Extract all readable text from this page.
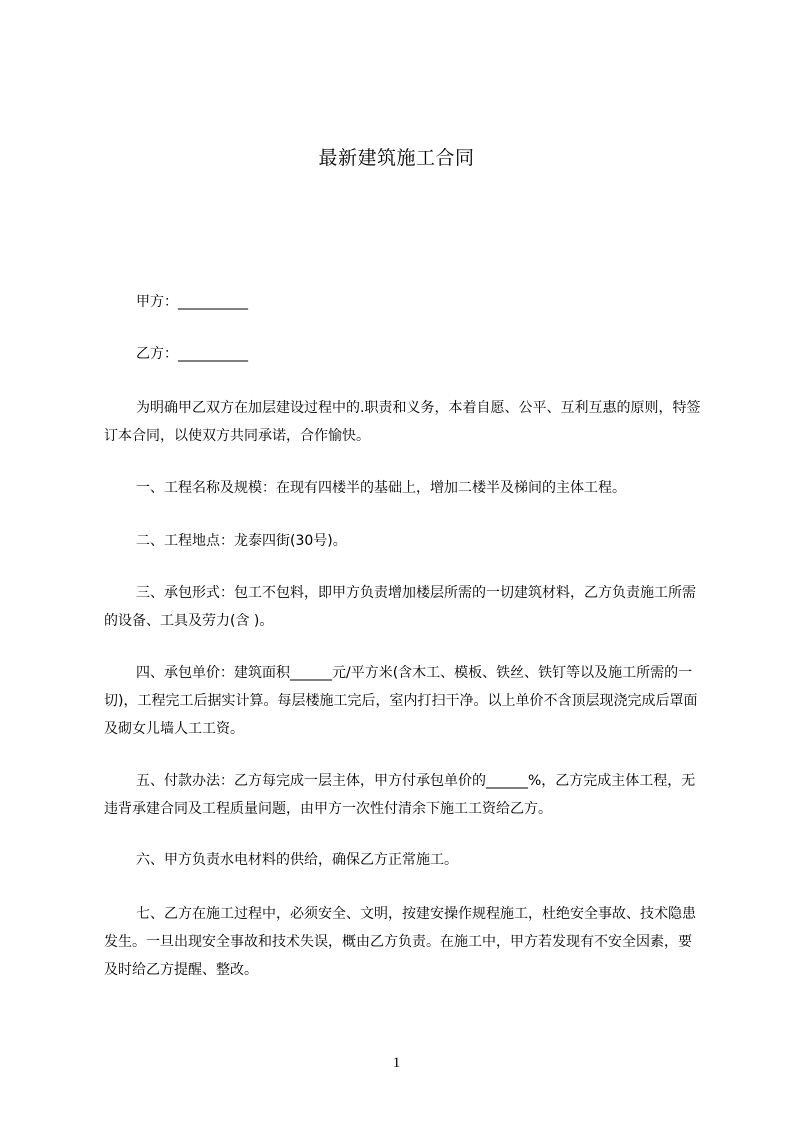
最新建筑施工合同
甲方：__________
乙方：__________
为明确甲乙双方在加层建设过程中的.职责和义务，本着自愿、公平、互利互惠的原则，特签订本合同，以使双方共同承诺，合作愉快。
一、工程名称及规模：在现有四楼半的基础上，增加二楼半及梯间的主体工程。
二、工程地点：龙泰四街(30号)。
三、承包形式：包工不包料，即甲方负责增加楼层所需的一切建筑材料，乙方负责施工所需的设备、工具及劳力(含 )。
四、承包单价：建筑面积______元/平方米(含木工、模板、铁丝、铁钉等以及施工所需的一切)，工程完工后据实计算。每层楼施工完后，室内打扫干净。以上单价不含顶层现浇完成后罩面及砌女儿墙人工工资。
五、付款办法：乙方每完成一层主体，甲方付承包单价的______%，乙方完成主体工程，无违背承建合同及工程质量问题，由甲方一次性付清余下施工工资给乙方。
六、甲方负责水电材料的供给，确保乙方正常施工。
七、乙方在施工过程中，必须安全、文明，按建安操作规程施工，杜绝安全事故、技术隐患发生。一旦出现安全事故和技术失误，概由乙方负责。在施工中，甲方若发现有不安全因素，要及时给乙方提醒、整改。
1
